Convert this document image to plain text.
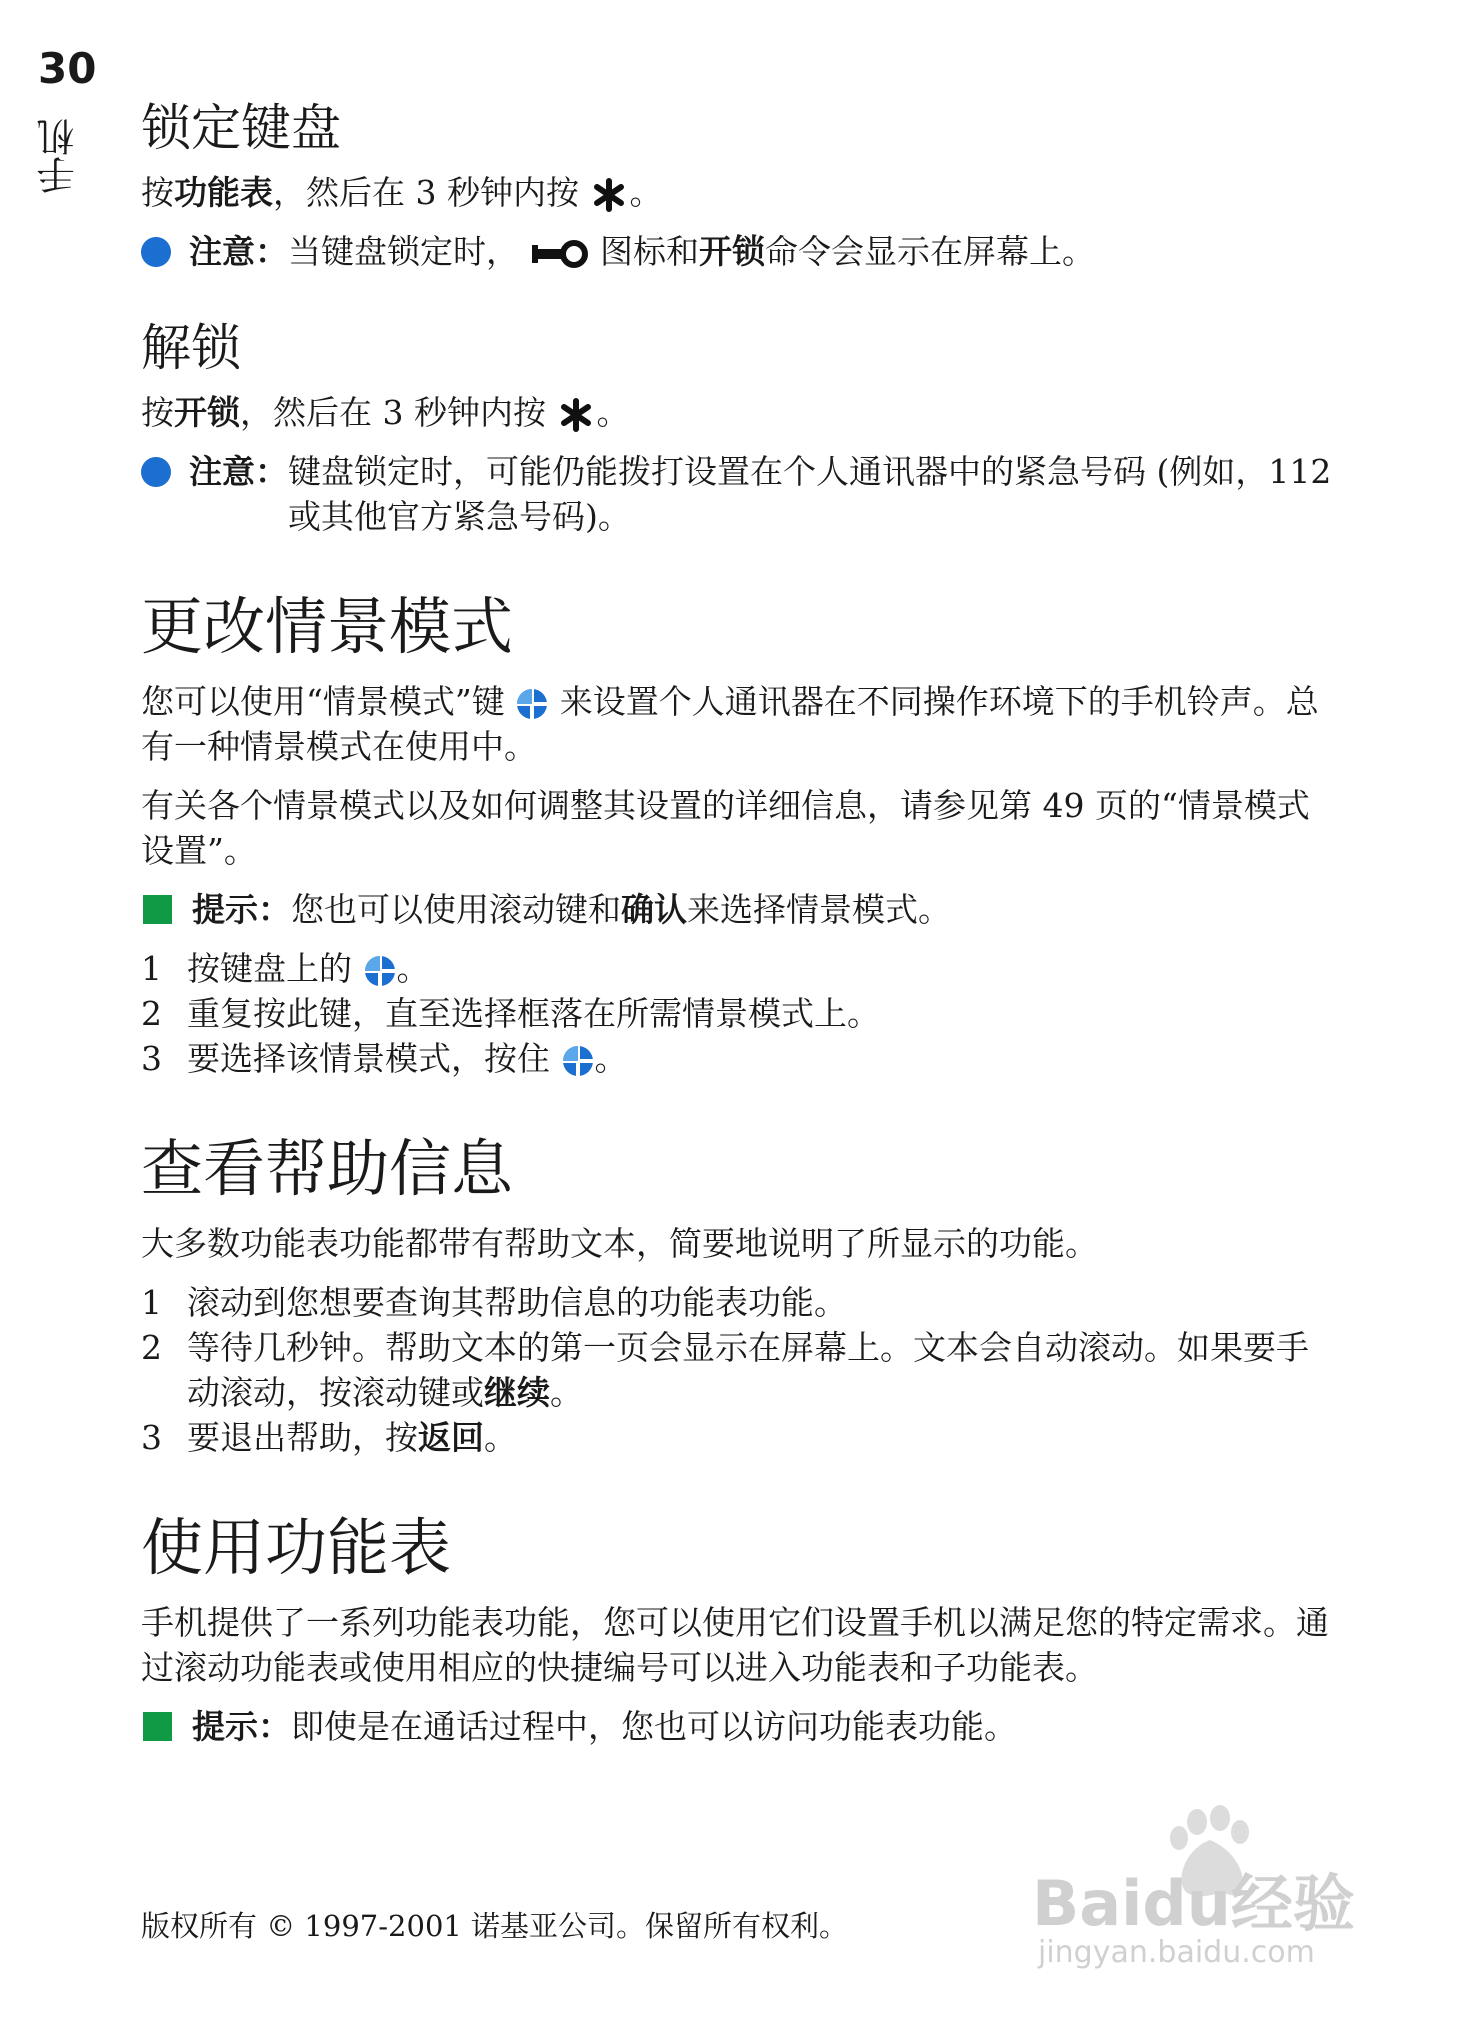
30
手机 锁定键盘

按功能表，然后在 3 秒钟内按 。

注意： 当键盘锁定时， 图标和开锁命令会显示在屏幕上。
解锁

按开锁，然后在 3 秒钟内按 。

注意： 键盘锁定时，可能仍能拨打设置在个人通讯器中的紧急号码 (例如，112 或其他官方紧急号码)。
更改情景模式

您可以使用“情景模式”键 来设置个人通讯器在不同操作环境下的手机铃声。总有一种情景模式在使用中。

有关各个情景模式以及如何调整其设置的详细信息，请参见第 49 页的“情景模式设置”。

提示： 您也可以使用滚动键和确认来选择情景模式。
1 按键盘上的 。
2 重复按此键，直至选择框落在所需情景模式上。
3 要选择该情景模式，按住 。
查看帮助信息

大多数功能表功能都带有帮助文本，简要地说明了所显示的功能。

1 滚动到您想要查询其帮助信息的功能表功能。
2 等待几秒钟。帮助文本的第一页会显示在屏幕上。文本会自动滚动。如果要手动滚动，按滚动键或继续。
3 要退出帮助，按返回。
使用功能表

手机提供了一系列功能表功能，您可以使用它们设置手机以满足您的特定需求。通过滚动功能表或使用相应的快捷编号可以进入功能表和子功能表。

提示： 即使是在通话过程中，您也可以访问功能表功能。
版权所有 © 1997-2001 诺基亚公司。保留所有权利。	Baidu经验
jingyan.baidu.com
